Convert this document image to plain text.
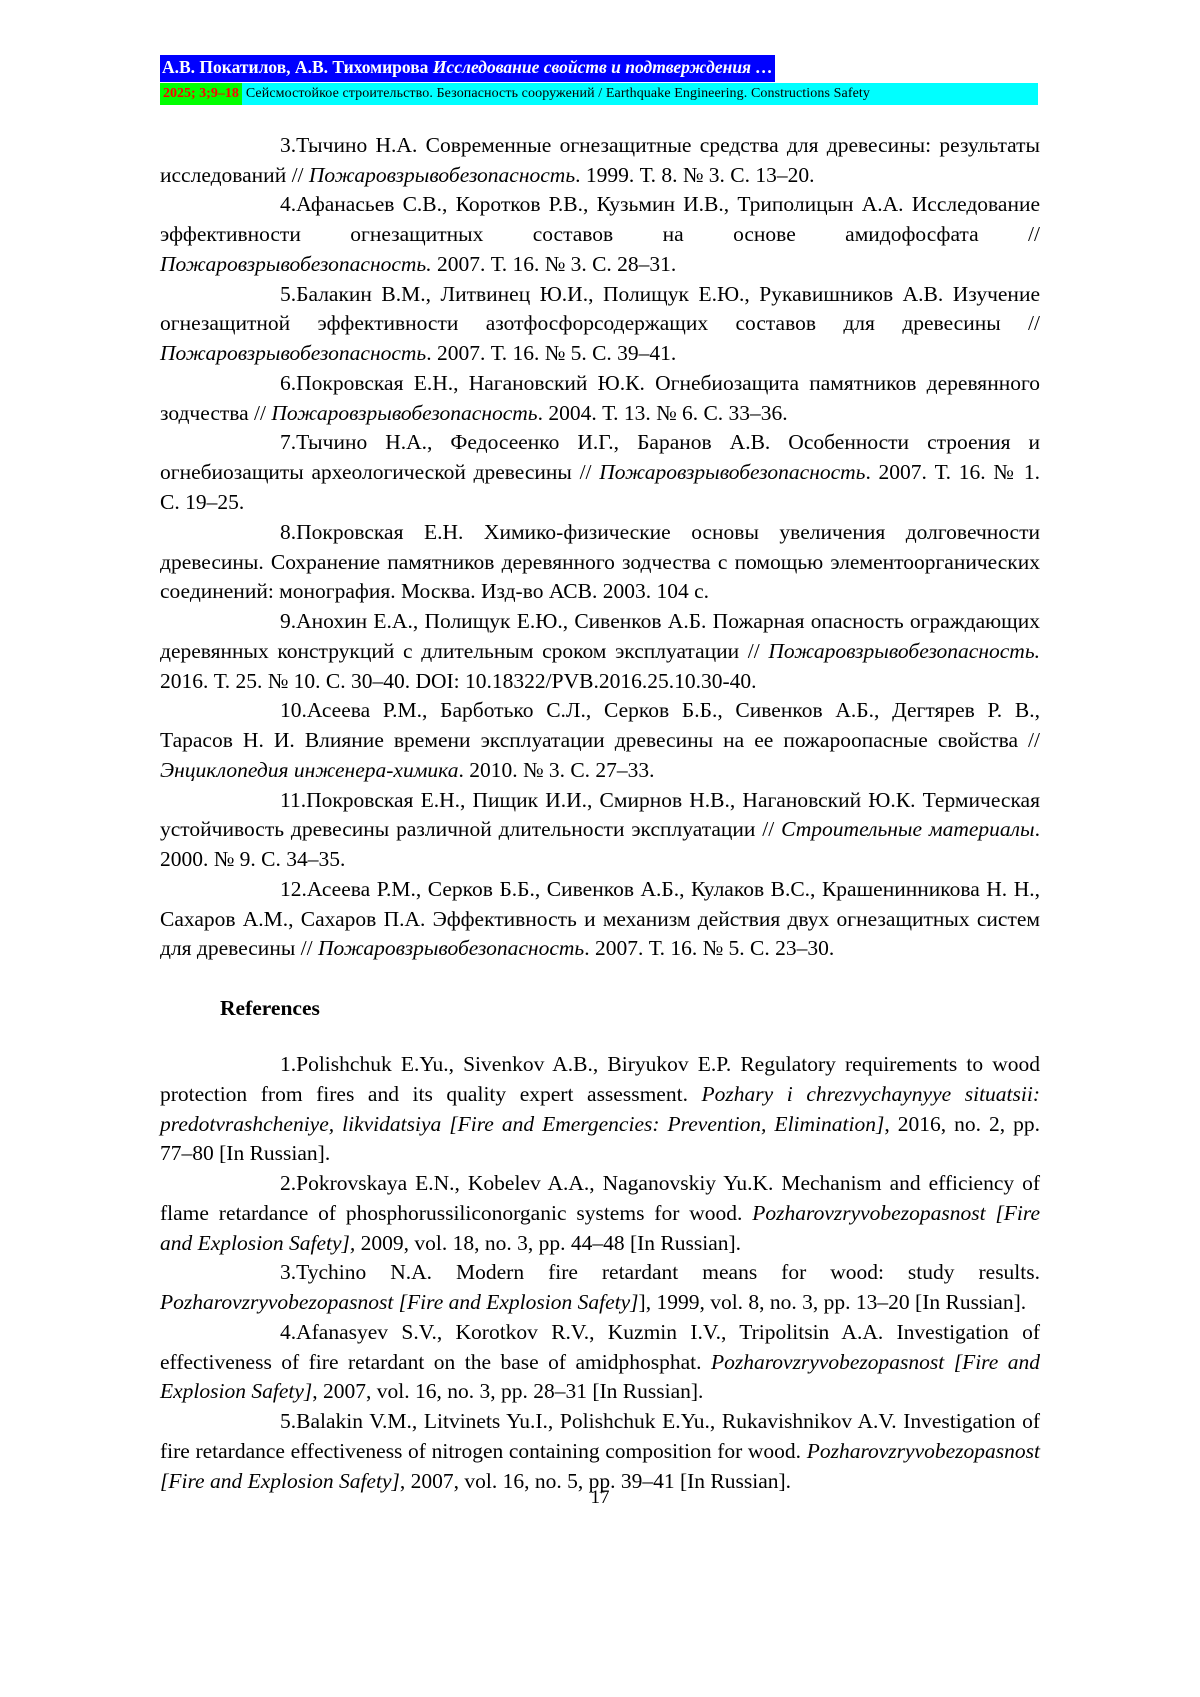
А.В. Покатилов, А.В. Тихомирова Исследование свойств и подтверждения …
2025; 3;9–18 Сейсмостойкое строительство. Безопасность сооружений / Earthquake Engineering. Constructions Safety

3.Тычино Н.А. Современные огнезащитные средства для древесины: результаты исследований // Пожаровзрывобезопасность. 1999. Т. 8. № 3. С. 13–20.

4.Афанасьев С.В., Коротков Р.В., Кузьмин И.В., Триполицын А.А. Исследование эффективности огнезащитных составов на основе амидофосфата // Пожаровзрывобезопасность. 2007. Т. 16. № 3. С. 28–31.

5.Балакин В.М., Литвинец Ю.И., Полищук Е.Ю., Рукавишников А.В. Изучение огнезащитной эффективности азотфосфорсодержащих составов для древесины // Пожаровзрывобезопасность. 2007. Т. 16. № 5. С. 39–41.

6.Покровская Е.Н., Наганoвский Ю.К. Огнебиозащита памятников деревянного зодчества // Пожаровзрывобезопасность. 2004. Т. 13. № 6. С. 33–36.

7.Тычино Н.А., Федосеенко И.Г., Баранов А.В. Особенности строения и огнебиозащиты археологической древесины // Пожаровзрывобезопасность. 2007. Т. 16. № 1. С. 19–25.

8.Покровская Е.Н. Химико-физические основы увеличения долговечности древесины. Сохранение памятников деревянного зодчества с помощью элементоорганических соединений: монография. Москва. Изд-во АСВ. 2003. 104 с.

9.Анохин Е.А., Полищук Е.Ю., Сивенков А.Б. Пожарная опасность ограждающих деревянных конструкций с длительным сроком эксплуатации // Пожаровзрывобезопасность. 2016. Т. 25. № 10. С. 30–40. DOI: 10.18322/PVB.2016.25.10.30-40.

10.Асеева Р.М., Барботько С.Л., Серков Б.Б., Сивенков А.Б., Дегтярев Р. В., Тарасов Н. И. Влияние времени эксплуатации древесины на ее пожароопасные свойства // Энциклопедия инженера-химика. 2010. № 3. С. 27–33.

11.Покровская Е.Н., Пищик И.И., Смирнов Н.В., Наганoвский Ю.К. Термическая устойчивость древесины различной длительности эксплуатации // Строительные материалы. 2000. № 9. С. 34–35.

12.Асеева Р.М., Серков Б.Б., Сивенков А.Б., Кулаков В.С., Крашенинникова Н. Н., Сахаров А.М., Сахаров П.А. Эффективность и механизм действия двух огнезащитных систем для древесины // Пожаровзрывобезопасность. 2007. Т. 16. № 5. С. 23–30.

References

1.Polishchuk E.Yu., Sivenkov A.B., Biryukov E.P. Regulatory requirements to wood protection from fires and its quality expert assessment. Pozhary i chrezvychaynyye situatsii: predotvrashcheniye, likvidatsiya [Fire and Emergencies: Prevention, Elimination], 2016, no. 2, pp. 77–80 [In Russian].

2.Pokrovskaya E.N., Kobelev A.A., Naganovskiy Yu.K. Mechanism and efficiency of flame retardance of phosphorussiliconorganic systems for wood. Pozharovzryvobezopasnost [Fire and Explosion Safety], 2009, vol. 18, no. 3, pp. 44–48 [In Russian].

3.Tychino N.A. Modern fire retardant means for wood: study results. Pozharovzryvobezopasnost [Fire and Explosion Safety]], 1999, vol. 8, no. 3, pp. 13–20 [In Russian].

4.Afanasyev S.V., Korotkov R.V., Kuzmin I.V., Tripolitsin A.A. Investigation of effectiveness of fire retardant on the base of amidphosphat. Pozharovzryvobezopasnost [Fire and Explosion Safety], 2007, vol. 16, no. 3, pp. 28–31 [In Russian].

5.Balakin V.M., Litvinets Yu.I., Polishchuk E.Yu., Rukavishnikov A.V. Investigation of fire retardance effectiveness of nitrogen containing composition for wood. Pozharovzryvobezopasnost [Fire and Explosion Safety], 2007, vol. 16, no. 5, pp. 39–41 [In Russian].

17
